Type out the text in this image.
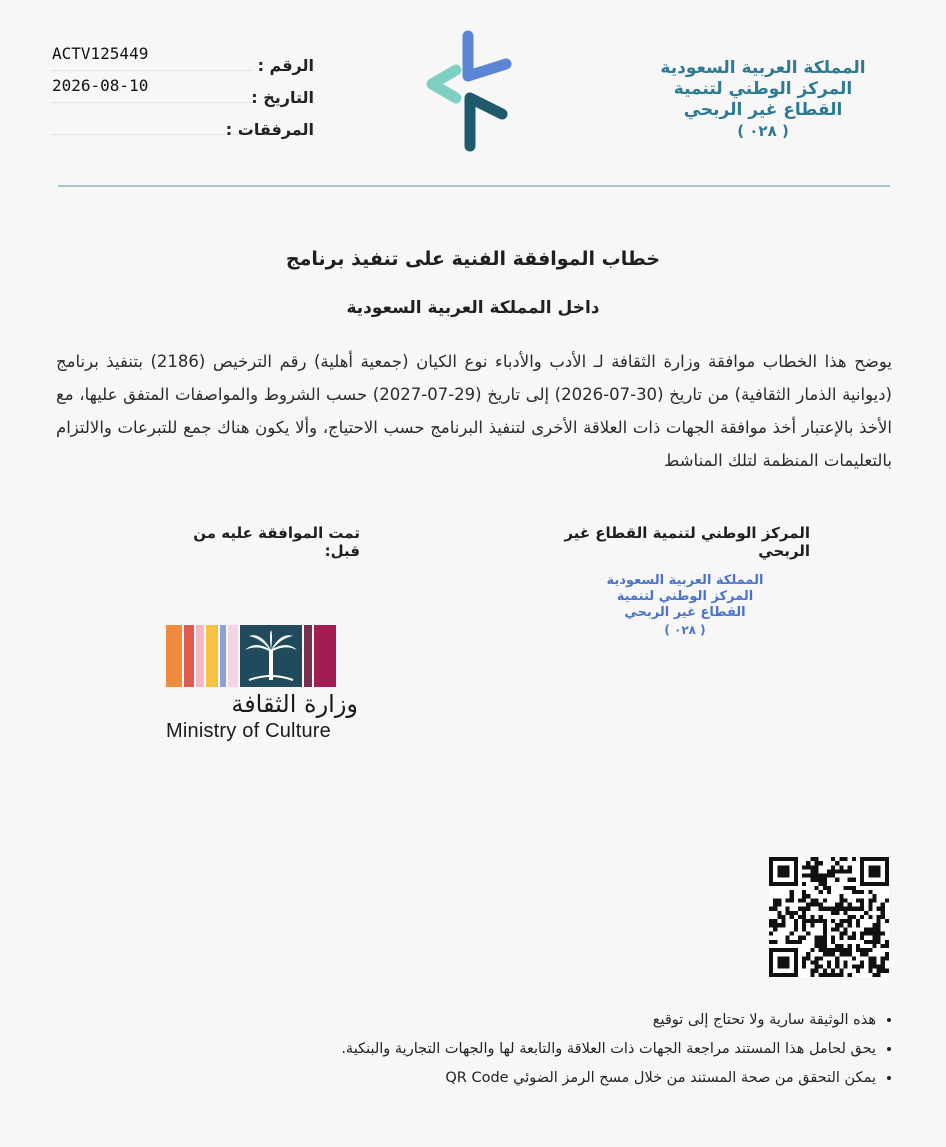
ACTV125449
الرقم :
2026-08-10
التاريخ :
المرفقات :
المملكة العربية السعودية
المركز الوطني لتنمية
القطاع غير الربحي
( ٠٢٨ )
خطاب الموافقة الفنية على تنفيذ برنامج
داخل المملكة العربية السعودية
يوضح هذا الخطاب موافقة وزارة الثقافة لـ الأدب والأدباء نوع الكيان (جمعية أهلية) رقم الترخيص (2186) بتنفيذ برنامج (ديوانية الذمار الثقافية) من تاريخ (30-07-2026) إلى تاريخ (29-07-2027) حسب الشروط والمواصفات المتفق عليها، مع الأخذ بالإعتبار أخذ موافقة الجهات ذات العلاقة الأخرى لتنفيذ البرنامج حسب الاحتياج، وألا يكون هناك جمع للتبرعات والالتزام بالتعليمات المنظمة لتلك المناشط
تمت الموافقة عليه من قبل:
المركز الوطني لتنمية القطاع غير الربحي
المملكة العربية السعودية
المركز الوطني لتنمية
القطاع غير الربحي
( ٠٢٨ )
وزارة الثقافة
Ministry of Culture
• هذه الوثيقة سارية ولا تحتاج إلى توقيع
• يحق لحامل هذا المستند مراجعة الجهات ذات العلاقة والتابعة لها والجهات التجارية والبنكية.
• يمكن التحقق من صحة المستند من خلال مسح الرمز الضوئي QR Code
